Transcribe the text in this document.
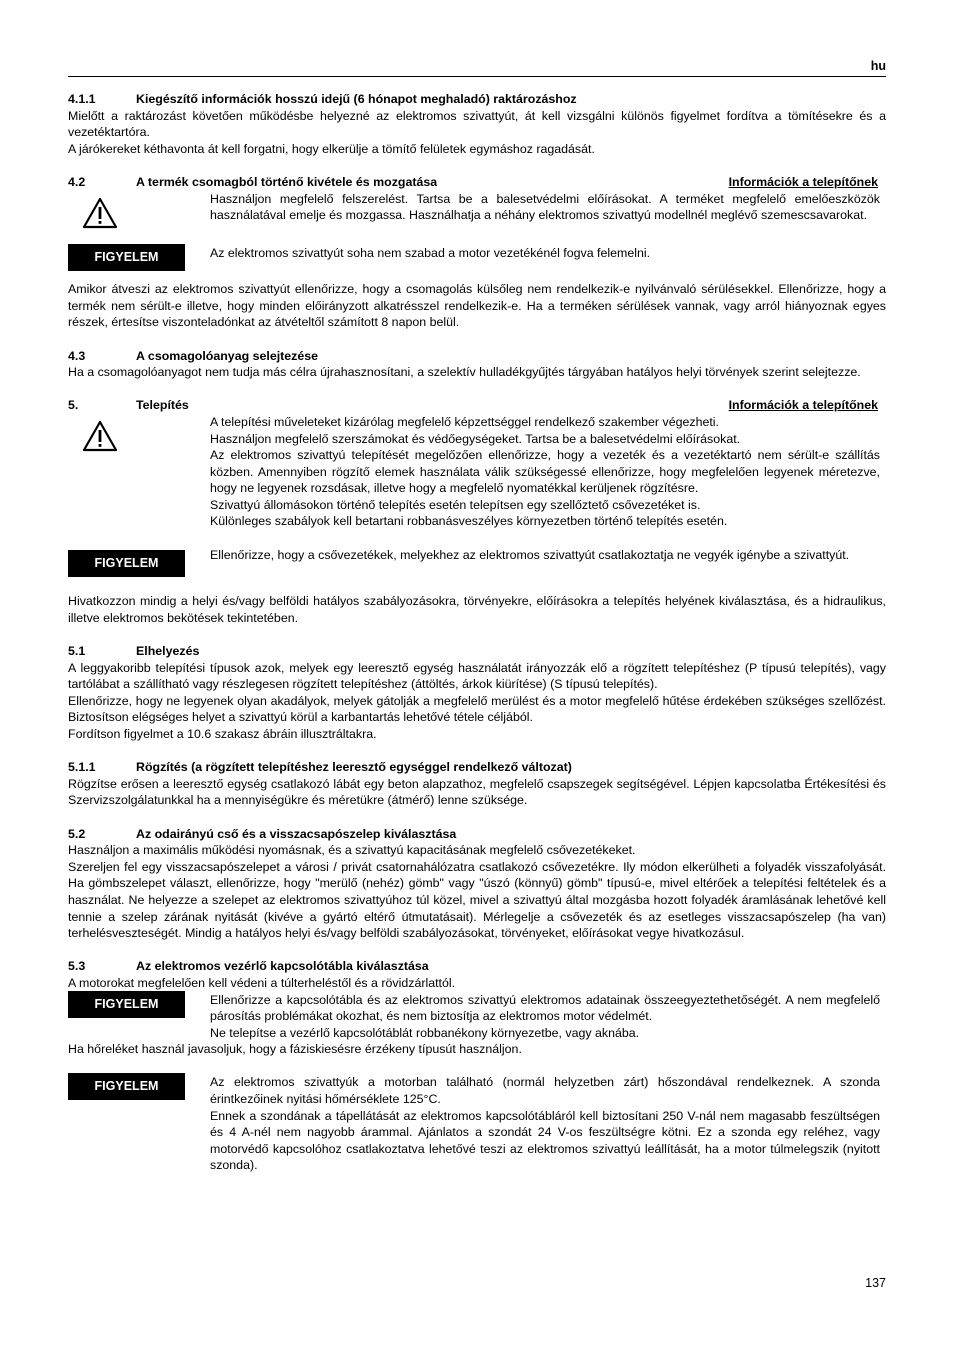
hu
4.1.1	Kiegészítő információk hosszú idejű (6 hónapot meghaladó) raktározáshoz

Mielőtt a raktározást követően működésbe helyezné az elektromos szivattyút, át kell vizsgálni különös figyelmet fordítva a tömítésekre és a vezetéktartóra.

A járókereket kéthavonta át kell forgatni, hogy elkerülje a tömítő felületek egymáshoz ragadását.

4.2	A termék csomagból történő kivétele és mozgatása	Információk a telepítőnek

Használjon megfelelő felszerelést. Tartsa be a balesetvédelmi előírásokat. A terméket megfelelő emelőeszközök használatával emelje és mozgassa. Használhatja a néhány elektromos szivattyú modellnél meglévő szemescsavarokat.

FIGYELEM	Az elektromos szivattyút soha nem szabad a motor vezetékénél fogva felemelni.

Amikor átveszi az elektromos szivattyút ellenőrizze, hogy a csomagolás külsőleg nem rendelkezik-e nyilvánvaló sérülésekkel. Ellenőrizze, hogy a termék nem sérült-e illetve, hogy minden előirányzott alkatrésszel rendelkezik-e. Ha a terméken sérülések vannak, vagy arról hiányoznak egyes részek, értesítse viszonteladónkat az átvételtől számított 8 napon belül.

4.3	A csomagolóanyag selejtezése

Ha a csomagolóanyagot nem tudja más célra újrahasznosítani, a szelektív hulladékgyűjtés tárgyában hatályos helyi törvények szerint selejtezze.

5.	Telepítés	Információk a telepítőnek

A telepítési műveleteket kizárólag megfelelő képzettséggel rendelkező szakember végezheti.

Használjon megfelelő szerszámokat és védőegységeket. Tartsa be a balesetvédelmi előírásokat.

Az elektromos szivattyú telepítését megelőzően ellenőrizze, hogy a vezeték és a vezetéktartó nem sérült-e szállítás közben. Amennyiben rögzítő elemek használata válik szükségessé ellenőrizze, hogy megfelelően legyenek méretezve, hogy ne legyenek rozsdásak, illetve hogy a megfelelő nyomatékkal kerüljenek rögzítésre.

Szivattyú állomásokon történő telepítés esetén telepítsen egy szellőztető csővezetéket is.

Különleges szabályok kell betartani robbanásveszélyes környezetben történő telepítés esetén.

FIGYELEM

Ellenőrizze, hogy a csővezetékek, melyekhez az elektromos szivattyút csatlakoztatja ne vegyék igénybe a szivattyút.

Hivatkozzon mindig a helyi és/vagy belföldi hatályos szabályozásokra, törvényekre, előírásokra a telepítés helyének kiválasztása, és a hidraulikus, illetve elektromos bekötések tekintetében.

5.1	Elhelyezés

A leggyakoribb telepítési típusok azok, melyek egy leeresztő egység használatát irányozzák elő a rögzített telepítéshez (P típusú telepítés), vagy tartólábat a szállítható vagy részlegesen rögzített telepítéshez (áttöltés, árkok kiürítése) (S típusú telepítés).

Ellenőrizze, hogy ne legyenek olyan akadályok, melyek gátolják a megfelelő merülést és a motor megfelelő hűtése érdekében szükséges szellőzést. Biztosítson elégséges helyet a szivattyú körül a karbantartás lehetővé tétele céljából.

Fordítson figyelmet a 10.6 szakasz ábráin illusztráltakra.

5.1.1	Rögzítés (a rögzített telepítéshez leeresztő egységgel rendelkező változat)

Rögzítse erősen a leeresztő egység csatlakozó lábát egy beton alapzathoz, megfelelő csapszegek segítségével. Lépjen kapcsolatba Értékesítési és Szervizszolgálatunkkal ha a mennyiségükre és méretükre (átmérő) lenne szüksége.

5.2	Az odairányú cső és a visszacsapószelep kiválasztása

Használjon a maximális működési nyomásnak, és a szivattyú kapacitásának megfelelő csővezetékeket.

Szereljen fel egy visszacsapószelepet a városi / privát csatornahálózatra csatlakozó csővezetékre. Ily módon elkerülheti a folyadék visszafolyását. Ha gömbszelepet választ, ellenőrizze, hogy "merülő (nehéz) gömb" vagy "úszó (könnyű) gömb" típusú-e, mivel eltérőek a telepítési feltételek és a használat. Ne helyezze a szelepet az elektromos szivattyúhoz túl közel, mivel a szivattyú által mozgásba hozott folyadék áramlásának lehetővé kell tennie a szelep zárának nyitását (kivéve a gyártó eltérő útmutatásait). Mérlegelje a csővezeték és az esetleges visszacsapószelep (ha van) terhelésveszteségét. Mindig a hatályos helyi és/vagy belföldi szabályozásokat, törvényeket, előírásokat vegye hivatkozásul.

5.3	Az elektromos vezérlő kapcsolótábla kiválasztása

A motorokat megfelelően kell védeni a túlterheléstől és a rövidzárlattól.

FIGYELEM	Ellenőrizze a kapcsolótábla és az elektromos szivattyú elektromos adatainak összeegyeztethetőségét. A nem megfelelő párosítás problémákat okozhat, és nem biztosítja az elektromos motor védelmét.

Ne telepítse a vezérlő kapcsolótáblát robbanékony környezetbe, vagy aknába.

Ha hőreléket használ javasoljuk, hogy a fáziskiesésre érzékeny típusút használjon.

FIGYELEM	Az elektromos szivattyúk a motorban található (normál helyzetben zárt) hőszondával rendelkeznek. A szonda érintkezőinek nyitási hőmérséklete 125°C.

Ennek a szondának a tápellátását az elektromos kapcsolótábláról kell biztosítani 250 V-nál nem magasabb feszültségen és 4 A-nél nem nagyobb árammal. Ajánlatos a szondát 24 V-os feszültségre kötni. Ez a szonda egy reléhez, vagy motorvédő kapcsolóhoz csatlakoztatva lehetővé teszi az elektromos szivattyú leállítását, ha a motor túlmelegszik (nyitott szonda).

137
